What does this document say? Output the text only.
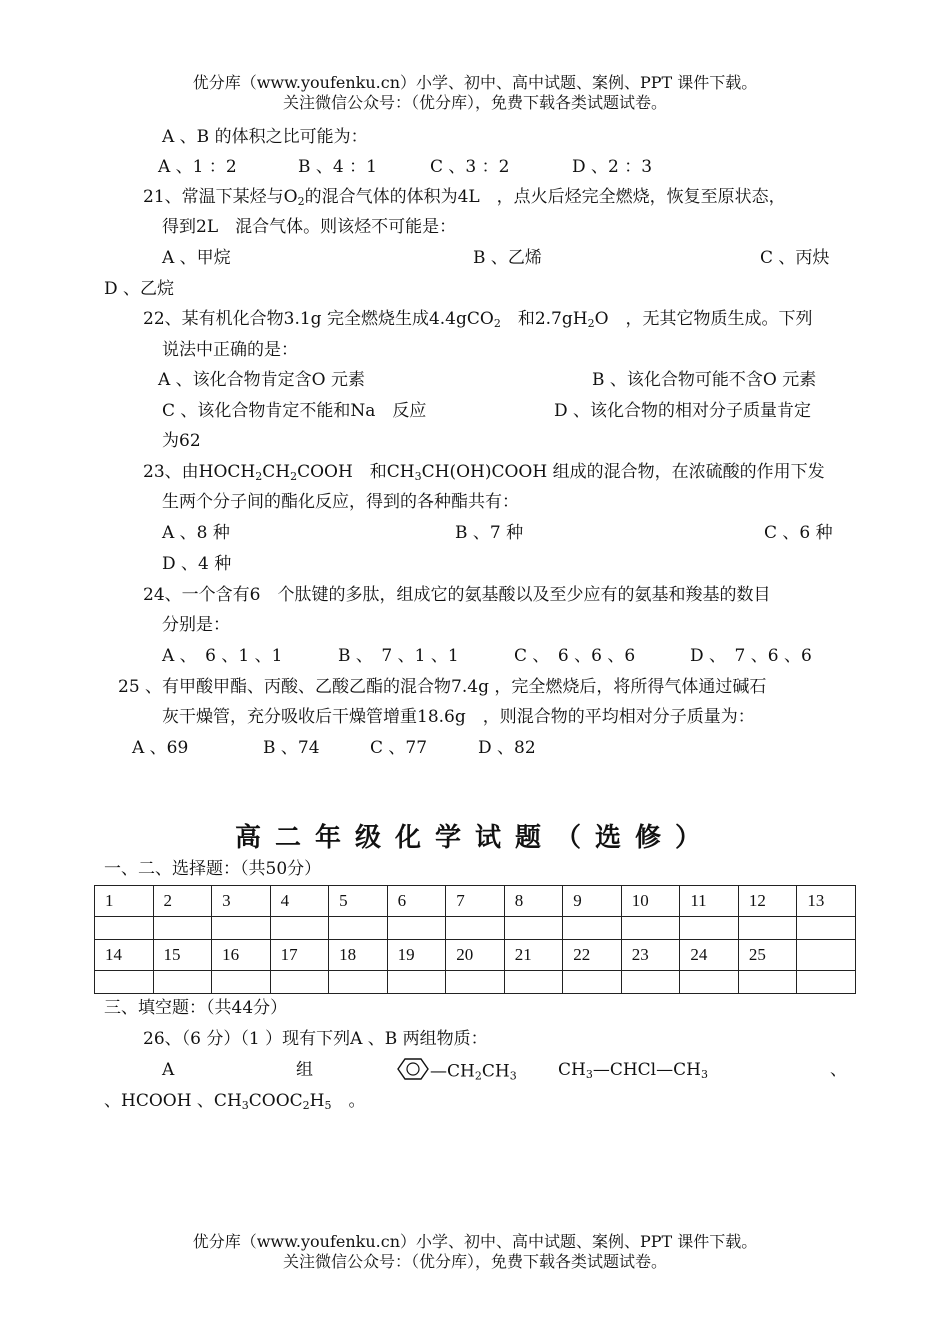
优分库（www.youfenku.cn）小学、初中、高中试题、案例、PPT 课件下载。
关注微信公众号：（优分库），免费下载各类试题试卷。
A 、B 的体积之比可能为：
A 、1 ：2	B 、4 ：1	C 、3 ：2	D 、2 ：3
21、常温下某烃与$O_2$的混合气体的体积为4L　，点火后烃完全燃烧，恢复至原状态，
得到2L　混合气体。则该烃不可能是：
A 、甲烷	B 、乙烯	C 、丙炔
D 、乙烷
22、某有机化合物3.1g 完全燃烧生成4.4gCO$_2$　和$2.7gH_2O$　，无其它物质生成。下列
说法中正确的是：
A 、该化合物肯定含O 元素	B 、该化合物可能不含O 元素
C 、该化合物肯定不能和Na　反应	D 、该化合物的相对分子质量肯定
为62
23、由$HOCH_2CH_2COOH$　和$CH_3CH(OH)COOH$ 组成的混合物，在浓硫酸的作用下发
生两个分子间的酯化反应，得到的各种酯共有：
A 、8 种	B 、7 种	C 、6 种
D 、4 种
24、一个含有6　个肽键的多肽，组成它的氨基酸以及至少应有的氨基和羧基的数目
分别是：
A 、　6 、1 、1	B 、　7 、1 、1	C 、　6 、6 、6	D 、　7 、6 、6
25 、有甲酸甲酯、丙酸、乙酸乙酯的混合物7.4g ，完全燃烧后，将所得气体通过碱石
灰干燥管，充分吸收后干燥管增重18.6g　，则混合物的平均相对分子质量为：
A 、69	B 、74	C 、77	D 、82
高二年级化学试题（选修）
一、二、选择题：（共50分）
1	2	3	4	5	6	7	8	9	10	11	12	13

14	15	16	17	18	19	20	21	22	23	24	25	

三、填空题：（共44分）
26、（6 分）（1 ）现有下列A 、B 两组物质：
A	组	$—CH_2CH_3$ $CH_3—CHCl—CH_3$	、
、HCOOH 、$CH_3COOC_2H_5$　。
优分库（www.youfenku.cn）小学、初中、高中试题、案例、PPT 课件下载。
关注微信公众号：（优分库），免费下载各类试题试卷。
